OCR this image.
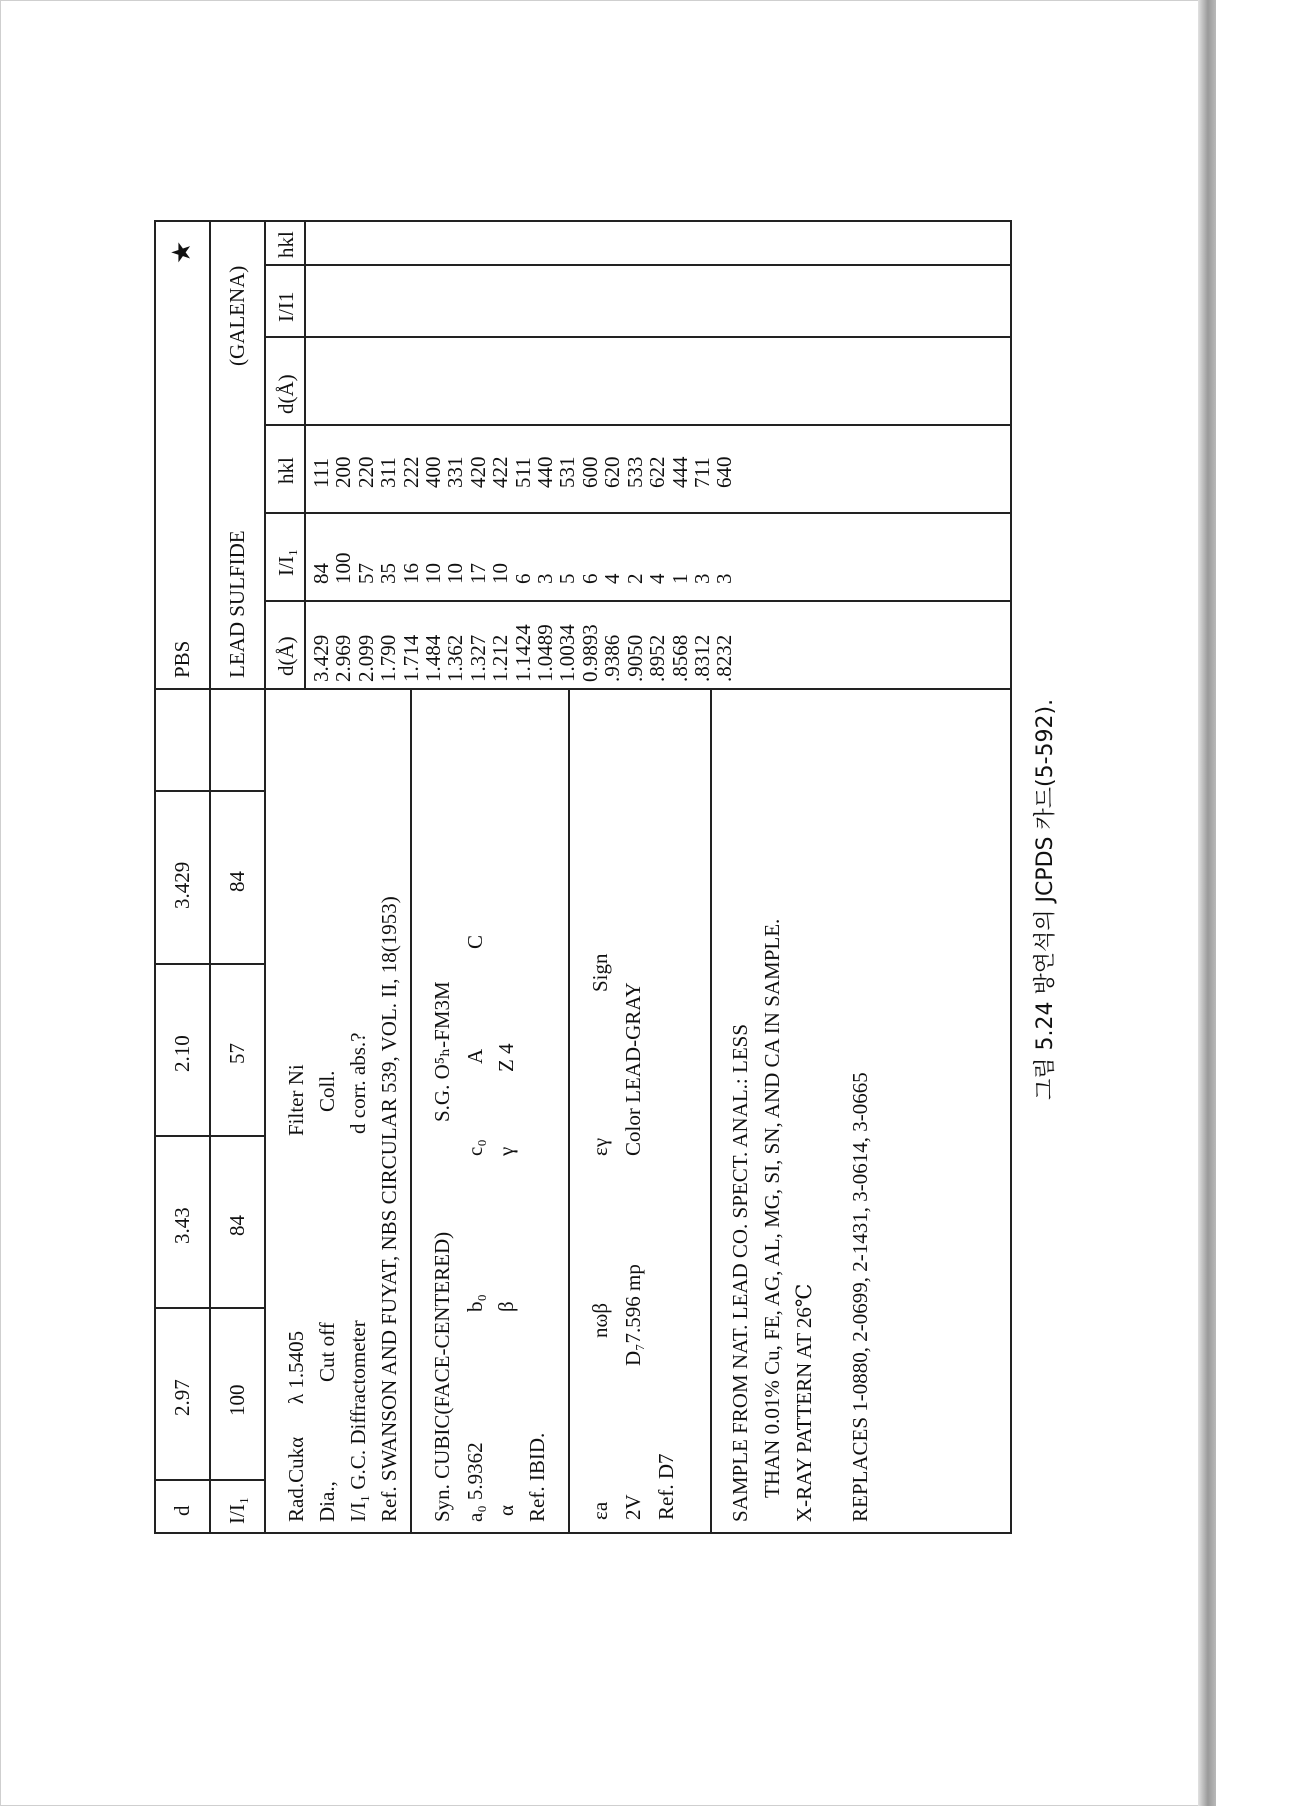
d I/I₁
2.97 100
3.43 84
2.10 57
3.429 84
PBS LEAD SULFIDE
(GALENA)
★
Rad.Cukα
λ 1.5405
Filter Ni
Dia.,
Cut off
Coll.
I/I₁ G.C. Diffractometer
d corr. abs.? Ref. SWANSON AND FUYAT, NBS CIRCULAR 539, VOL. II, 18(1953) Syn. CUBIC(FACE-CENTERED)
S.G. O⁵ₕ-FM3M
a₀ 5.9362
b₀
c₀
A
C
α
β
γ
Z 4
Ref. IBID. εa
nωβ
εγ
Sign
2V
D₇7.596 mp
Color LEAD-GRAY
Ref. D7 SAMPLE FROM NAT. LEAD CO. SPECT. ANAL.: LESS THAN 0.01% Cu, FE, AG, AL, MG, SI, SN, AND CA IN SAMPLE. X-RAY PATTERN AT 26℃ REPLACES 1-0880, 2-0699, 2-1431, 3-0614, 3-0665
d(Å)
I/I₁
hkl
d(Å)
I/I1
hkl
3.429
2.969
2.099
1.790
1.714
1.484
1.362
1.327
1.212
1.1424
1.0489
1.0034
0.9893
.9386
.9050
.8952
.8568
.8312
.8232
84
100
57
35
16
10
10
17
10
6
3
5
6
4
2
4
1
3
3
111
200
220
311
222
400
331
420
422
511
440
531
600
620
533
622
444
711
640
그림 5.24 방연석의 JCPDS 카드(5-592).
